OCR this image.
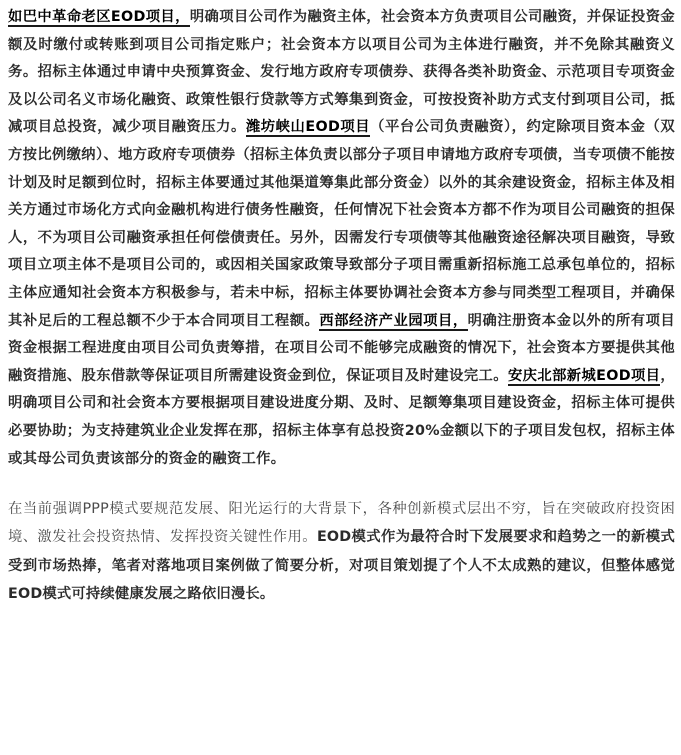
如巴中革命老区EOD项目，明确项目公司作为融资主体，社会资本方负责项目公司融资，并保证投资金额及时缴付或转账到项目公司指定账户；社会资本方以项目公司为主体进行融资，并不免除其融资义务。招标主体通过申请中央预算资金、发行地方政府专项债券、获得各类补助资金、示范项目专项资金及以公司名义市场化融资、政策性银行贷款等方式筹集到资金，可按投资补助方式支付到项目公司，抵减项目总投资，减少项目融资压力。潍坊峡山EOD项目（平台公司负责融资），约定除项目资本金（双方按比例缴纳）、地方政府专项债券（招标主体负责以部分子项目申请地方政府专项债，当专项债不能按计划及时足额到位时，招标主体要通过其他渠道筹集此部分资金）以外的其余建设资金，招标主体及相关方通过市场化方式向金融机构进行债务性融资，任何情况下社会资本方都不作为项目公司融资的担保人，不为项目公司融资承担任何偿债责任。另外，因需发行专项债等其他融资途径解决项目融资，导致项目立项主体不是项目公司的，或因相关国家政策导致部分子项目需重新招标施工总承包单位的，招标主体应通知社会资本方积极参与，若未中标，招标主体要协调社会资本方参与同类型工程项目，并确保其补足后的工程总额不少于本合同项目工程额。西部经济产业园项目，明确注册资本金以外的所有项目资金根据工程进度由项目公司负责筹措，在项目公司不能够完成融资的情况下，社会资本方要提供其他融资措施、股东借款等保证项目所需建设资金到位，保证项目及时建设完工。安庆北部新城EOD项目，明确项目公司和社会资本方要根据项目建设进度分期、及时、足额筹集项目建设资金，招标主体可提供必要协助；为支持建筑业企业发挥在那，招标主体享有总投资20%金额以下的子项目发包权，招标主体或其母公司负责该部分的资金的融资工作。

在当前强调PPP模式要规范发展、阳光运行的大背景下，各种创新模式层出不穷，旨在突破政府投资困境、激发社会投资热情、发挥投资关键性作用。EOD模式作为最符合时下发展要求和趋势之一的新模式受到市场热捧，笔者对落地项目案例做了简要分析，对项目策划提了个人不太成熟的建议，但整体感觉EOD模式可持续健康发展之路依旧漫长。
